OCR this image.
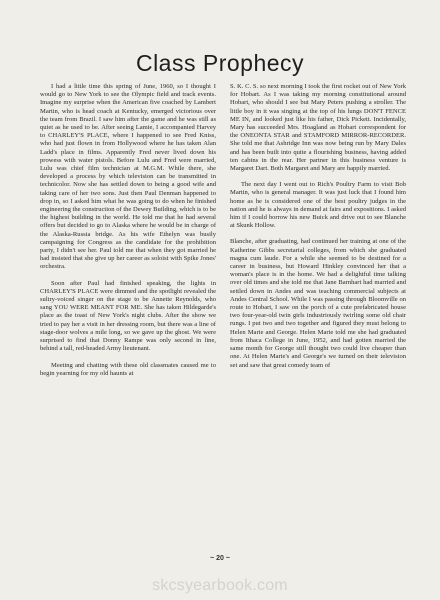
Class Prophecy

I had a little time this spring of June, 1960, so I thought I would go to New York to see the Olympic field and track events. Imagine my surprise when the American five coached by Lambert Martin, who is head coach at Kentucky, emerged victorious over the team from Brazil. I saw him after the game and he was still as quiet as he used to be. After seeing Lamie, I accompanied Harvey to CHARLEY'S PLACE, where I happened to see Fred Kniss, who had just flown in from Hollywood where he has taken Alan Ladd's place in films. Apparently Fred never lived down his prowess with water pistols. Before Lulu and Fred were married, Lulu was chief film technician at M.G.M. While there, she developed a process by which television can be transmitted in technicolor. Now she has settled down to being a good wife and taking care of her two sons. Just then Paul Denman happened to drop in, so I asked him what he was going to do when he finished engineering the construction of the Dewey Building, which is to be the highest building in the world. He told me that he had several offers but decided to go to Alaska where he would be in charge of the Alaska-Russia bridge. As his wife Ethelyn was busily campaigning for Congress as the candidate for the prohibition party, I didn't see her. Paul told me that when they got married he had insisted that she give up her career as soloist with Spike Jones' orchestra.

Soon after Paul had finished speaking, the lights in CHARLEY'S PLACE were dimmed and the spotlight revealed the sultry-voiced singer on the stage to be Annette Reynolds, who sang YOU WERE MEANT FOR ME. She has taken Hildegarde's place as the toast of New York's night clubs. After the show we tried to pay her a visit in her dressing room, but there was a line of stage-door wolves a mile long, so we gave up the ghost. We were surprised to find that Donny Rampe was only second in line, behind a tall, red-headed Army lieutenant.

Meeting and chatting with these old classmates caused me to begin yearning for my old haunts at

S. K. C. S. so next morning I took the first rocket out of New York for Hobart. As I was taking my morning constitutional around Hobart, who should I see but Mary Peters pushing a stroller. The little boy in it was singing at the top of his lungs DON'T FENCE ME IN, and looked just like his father, Dick Pickett. Incidentally, Mary has succeeded Mrs. Hoagland as Hobart correspondent for the ONEONTA STAR and STAMFORD MIRROR-RECORDER. She told me that Ashridge Inn was now being run by Mary Dales and has been built into quite a flourishing business, having added ten cabins in the rear. Her partner in this business venture is Margaret Dart. Both Margaret and Mary are happily married.

The next day I went out to Rich's Poultry Farm to visit Bob Martin, who is general manager. It was just luck that I found him home as he is considered one of the best poultry judges in the nation and he is always in demand at fairs and expositions. I asked him if I could borrow his new Buick and drive out to see Blanche at Skunk Hollow.

Blanche, after graduating, had continued her training at one of the Katherine Gibbs secretarial colleges, from which she graduated magna cum laude. For a while she seemed to be destined for a career in business, but Howard Hinkley convinced her that a woman's place is in the home. We had a delightful time talking over old times and she told me that Jane Barnhart had married and settled down in Andes and was teaching commercial subjects at Andes Central School. While I was passing through Bloomville on route to Hobart, I saw on the porch of a cute prefabricated house two four-year-old twin girls industriously twirling some old chair rungs. I put two and two together and figured they must belong to Helen Marie and George. Helen Marie told me she had graduated from Ithaca College in June, 1952, and had gotten married the same month for George still thought two could live cheaper than one. At Helen Marie's and George's we turned on their television set and saw that great comedy team of

~ 20 ~
skcsyearbook.com
